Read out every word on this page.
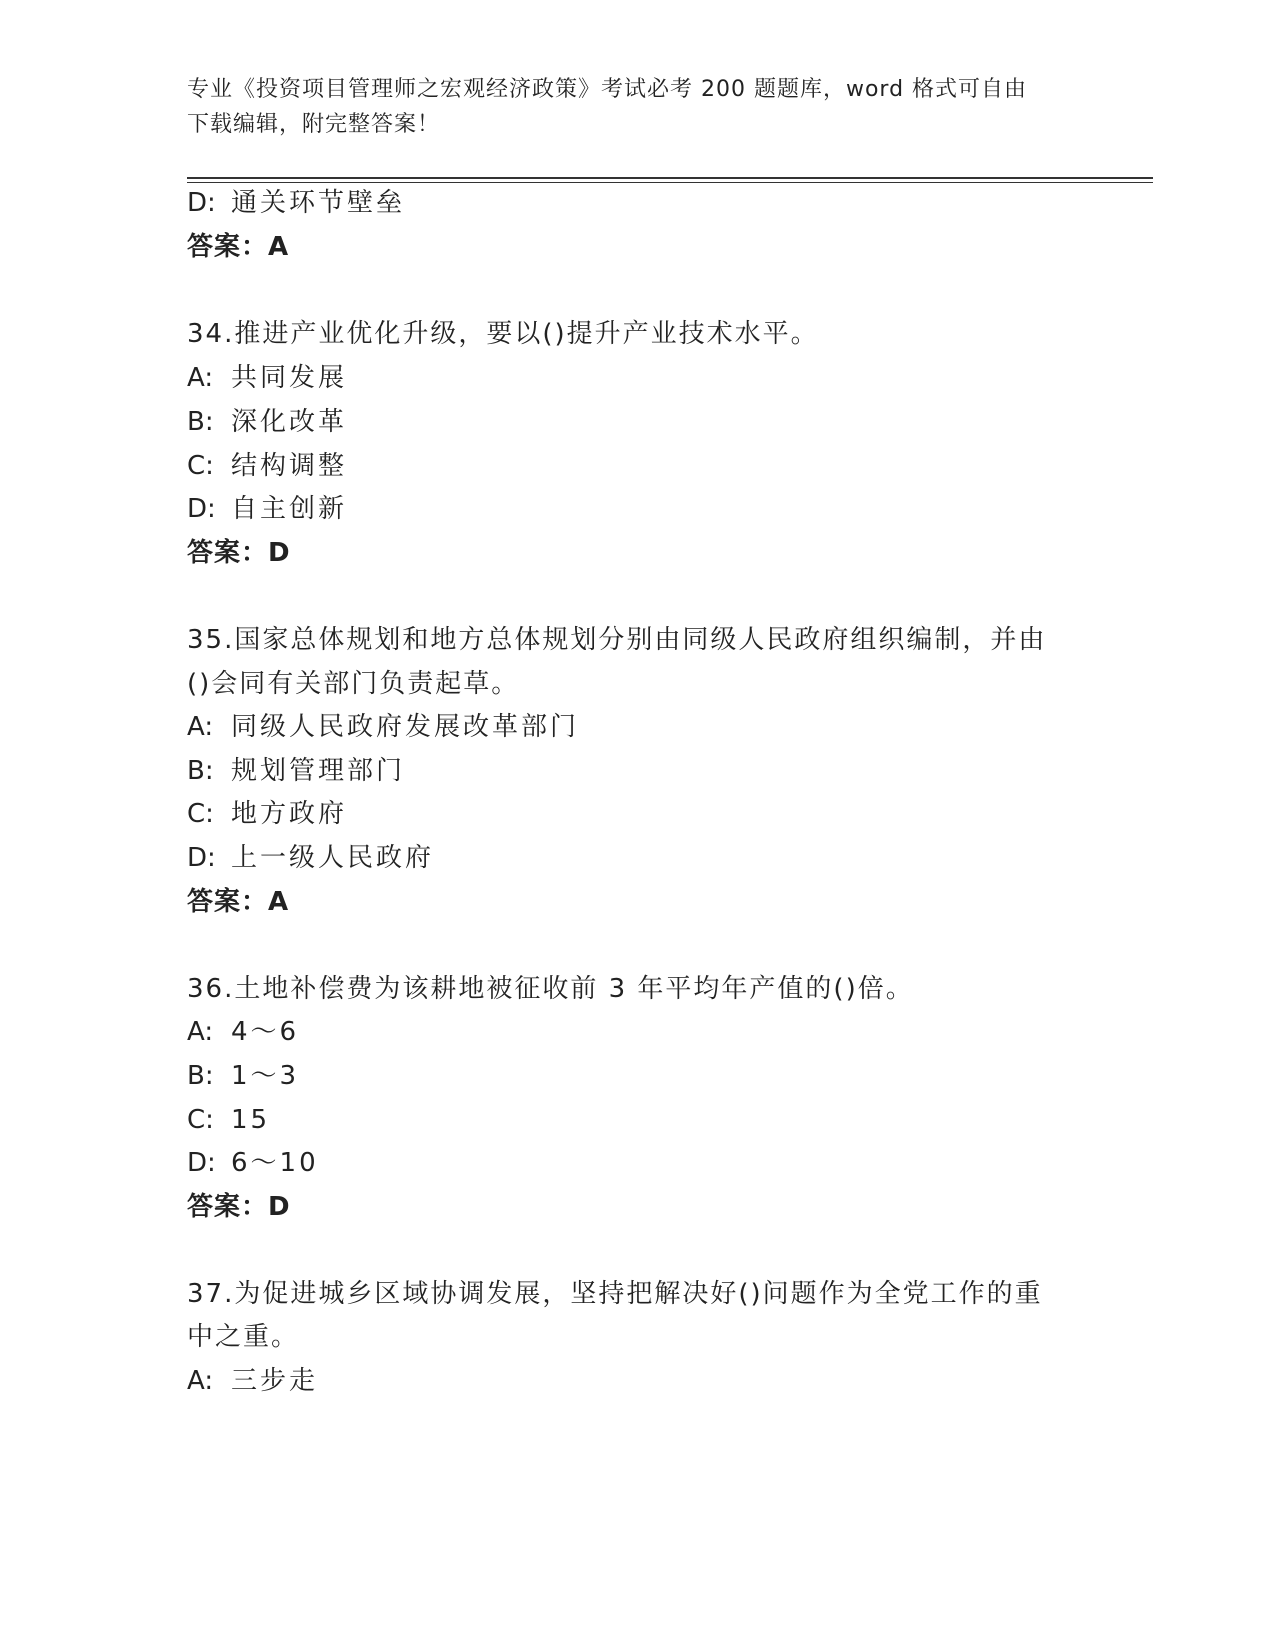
专业《投资项目管理师之宏观经济政策》考试必考 200 题题库，word 格式可自由
下载编辑，附完整答案！
D: 通关环节壁垒
答案：A
34.推进产业优化升级，要以()提升产业技术水平。
A: 共同发展
B: 深化改革
C: 结构调整
D: 自主创新
答案：D
35.国家总体规划和地方总体规划分别由同级人民政府组织编制，并由
()会同有关部门负责起草。
A: 同级人民政府发展改革部门
B: 规划管理部门
C: 地方政府
D: 上一级人民政府
答案：A
36.土地补偿费为该耕地被征收前 3 年平均年产值的()倍。
A: 4～6
B: 1～3
C: 15
D: 6～10
答案：D
37.为促进城乡区域协调发展，坚持把解决好()问题作为全党工作的重
中之重。
A: 三步走
